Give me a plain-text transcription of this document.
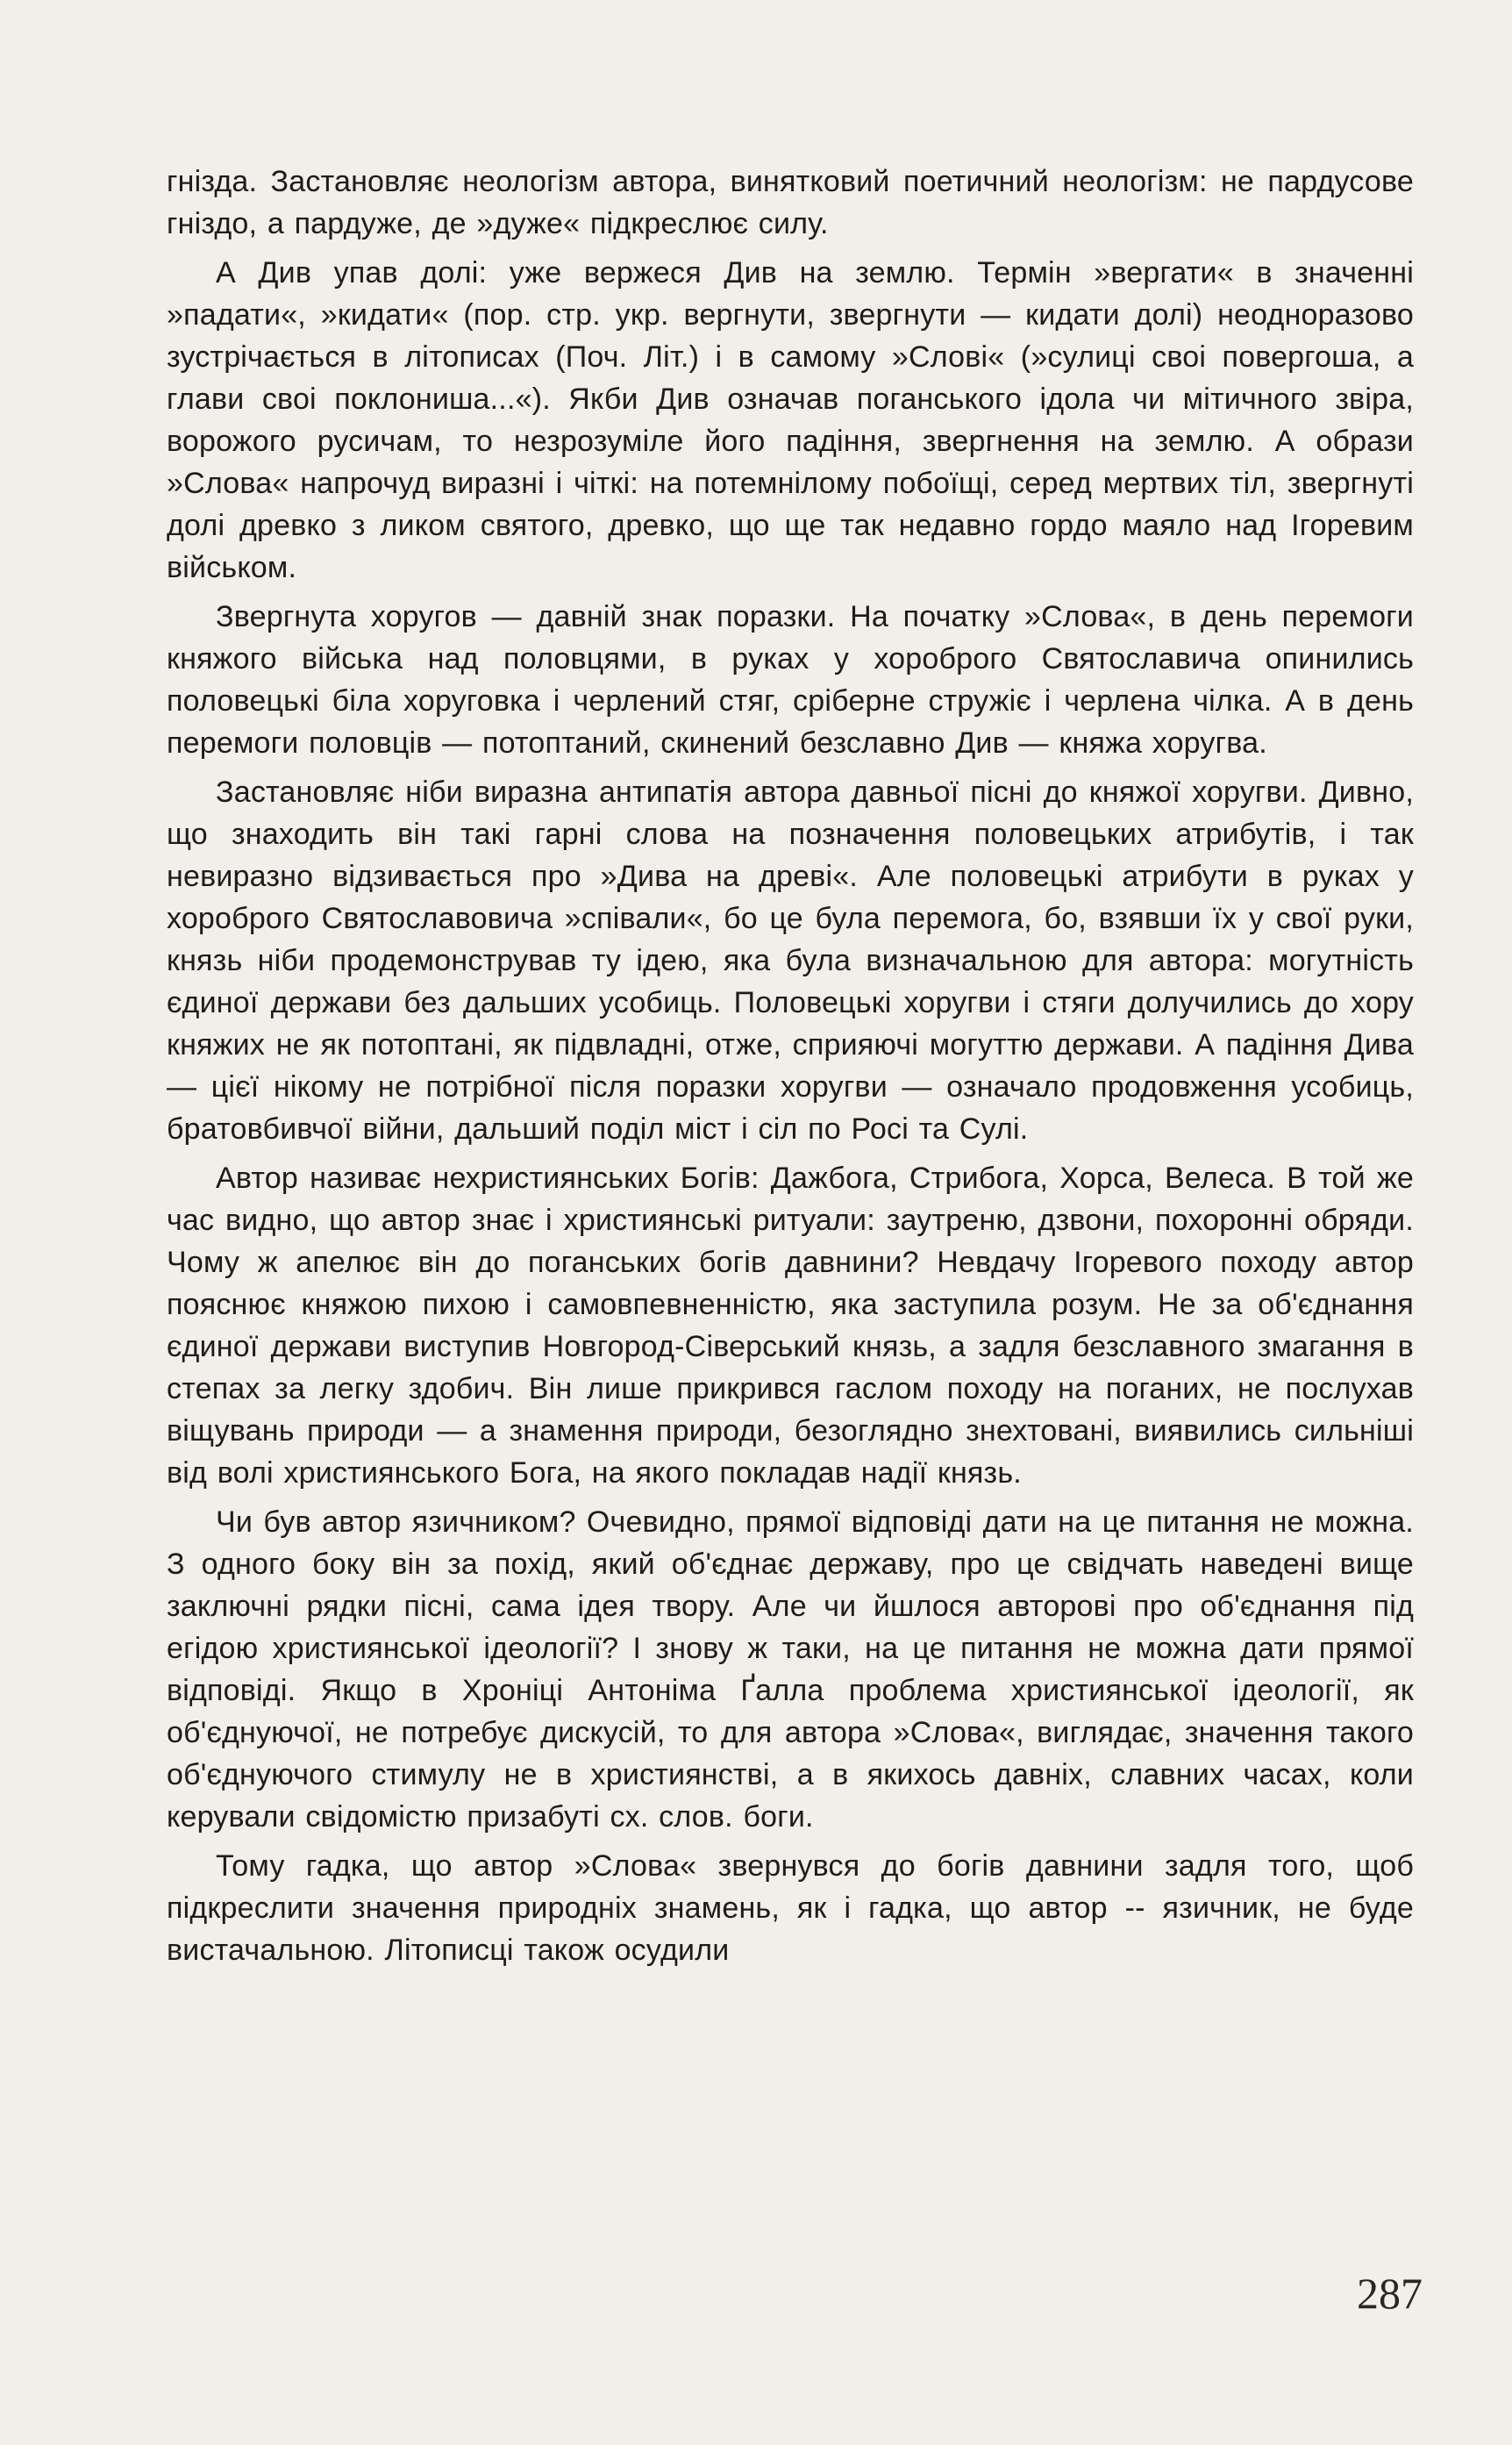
гнізда. Застановляє неологізм автора, винятковий поетичний неологізм: не пардусове гніздо, а пардуже, де »дуже« підкреслює силу.

А Див упав долі: уже вержеся Див на землю. Термін »вергати« в значенні »падати«, »кидати« (пор. стр. укр. вергнути, звергнути — кидати долі) неодноразово зустрічається в літописах (Поч. Літ.) і в самому »Слові« (»сулиці своі повергоша, а глави своі поклониша...«). Якби Див означав поганського ідола чи мітичного звіра, ворожого русичам, то незрозуміле його падіння, звергнення на землю. А образи »Слова« напрочуд виразні і чіткі: на потемнілому побоїщі, серед мертвих тіл, звергнуті долі древко з ликом святого, древко, що ще так недавно гордо маяло над Ігоревим військом.

Звергнута хоругов — давній знак поразки. На початку »Слова«, в день перемоги княжого війська над половцями, в руках у хороброго Святославича опинились половецькі біла хоруговка і черлений стяг, сріберне стружіє і черлена чілка. А в день перемоги половців — потоптаний, скинений безславно Див — княжа хоругва.

Застановляє ніби виразна антипатія автора давньої пісні до княжої хоругви. Дивно, що знаходить він такі гарні слова на позначення половецьких атрибутів, і так невиразно відзивається про »Дива на древі«. Але половецькі атрибути в руках у хороброго Святославовича »співали«, бо це була перемога, бо, взявши їх у свої руки, князь ніби продемонстрував ту ідею, яка була визначальною для автора: могутність єдиної держави без дальших усобиць. Половецькі хоругви і стяги долучились до хору княжих не як потоптані, як підвладні, отже, сприяючі могуттю держави. А падіння Дива — цієї нікому не потрібної після поразки хоругви — означало продовження усобиць, братовбивчої війни, дальший поділ міст і сіл по Росі та Сулі.

Автор називає нехристиянських Богів: Дажбога, Стрибога, Хорса, Велеса. В той же час видно, що автор знає і християнські ритуали: заутреню, дзвони, похоронні обряди. Чому ж апелює він до поганських богів давнини? Невдачу Ігоревого походу автор пояснює княжою пихою і самовпевненністю, яка заступила розум. Не за об'єднання єдиної держави виступив Новгород-Сіверський князь, а задля безславного змагання в степах за легку здобич. Він лише прикрився гаслом походу на поганих, не послухав віщувань природи — а знамення природи, безоглядно знехтовані, виявились сильніші від волі християнського Бога, на якого покладав надії князь.

Чи був автор язичником? Очевидно, прямої відповіді дати на це питання не можна. З одного боку він за похід, який об'єднає державу, про це свідчать наведені вище заключні рядки пісні, сама ідея твору. Але чи йшлося авторові про об'єднання під егідою християнської ідеології? І знову ж таки, на це питання не можна дати прямої відповіді. Якщо в Хроніці Антоніма Ґалла проблема християнської ідеології, як об'єднуючої, не потребує дискусій, то для автора »Слова«, виглядає, значення такого об'єднуючого стимулу не в християнстві, а в якихось давніх, славних часах, коли керували свідомістю призабуті сх. слов. боги.

Тому гадка, що автор »Слова« звернувся до богів давнини задля того, щоб підкреслити значення природніх знамень, як і гадка, що автор -- язичник, не буде вистачальною. Літописці також осудили

287
